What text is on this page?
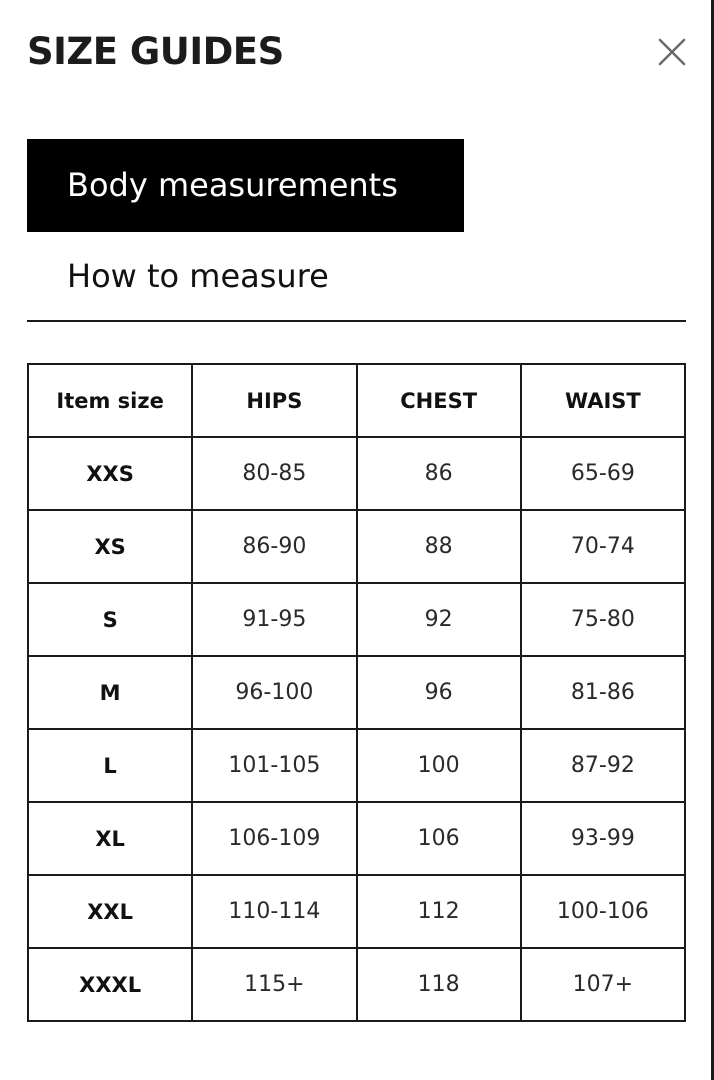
SIZE GUIDES
Body measurements
How to measure
Item size	HIPS	CHEST	WAIST
XXS	80-85	86	65-69
XS	86-90	88	70-74
S	91-95	92	75-80
M	96-100	96	81-86
L	101-105	100	87-92
XL	106-109	106	93-99
XXL	110-114	112	100-106
XXXL	115+	118	107+
